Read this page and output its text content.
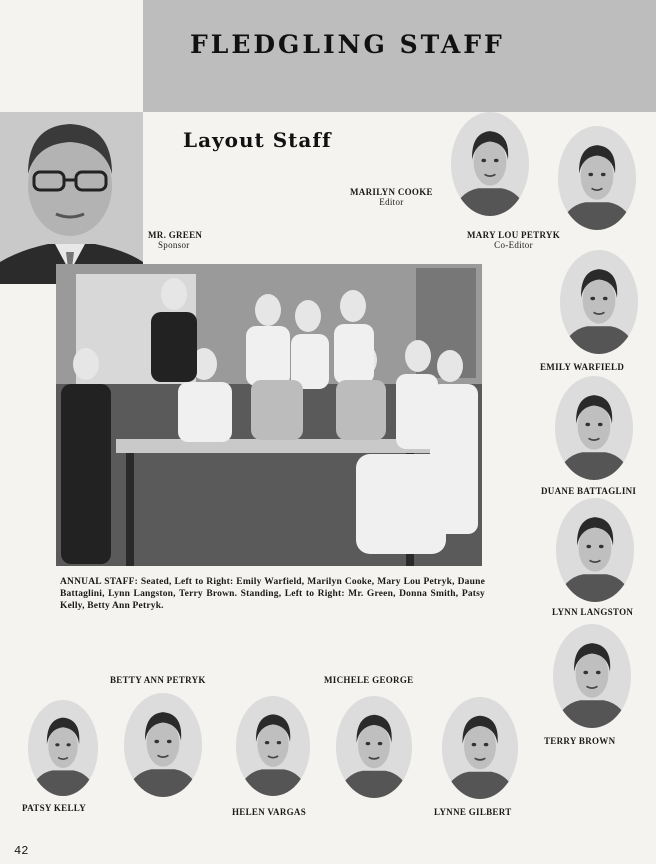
FLEDGLING STAFF
Layout Staff
MR. GREEN
Sponsor
MARILYN COOKE
Editor
MARY LOU PETRYK
Co-Editor
EMILY WARFIELD
DUANE BATTAGLINI
LYNN LANGSTON
TERRY BROWN
ANNUAL STAFF: Seated, Left to Right: Emily Warfield, Marilyn Cooke, Mary Lou Petryk, Daune Battaglini, Lynn Langston, Terry Brown. Standing, Left to Right: Mr. Green, Donna Smith, Patsy Kelly, Betty Ann Petryk.
BETTY ANN PETRYK	MICHELE GEORGE
PATSY KELLY	HELEN VARGAS	LYNNE GILBERT
42
